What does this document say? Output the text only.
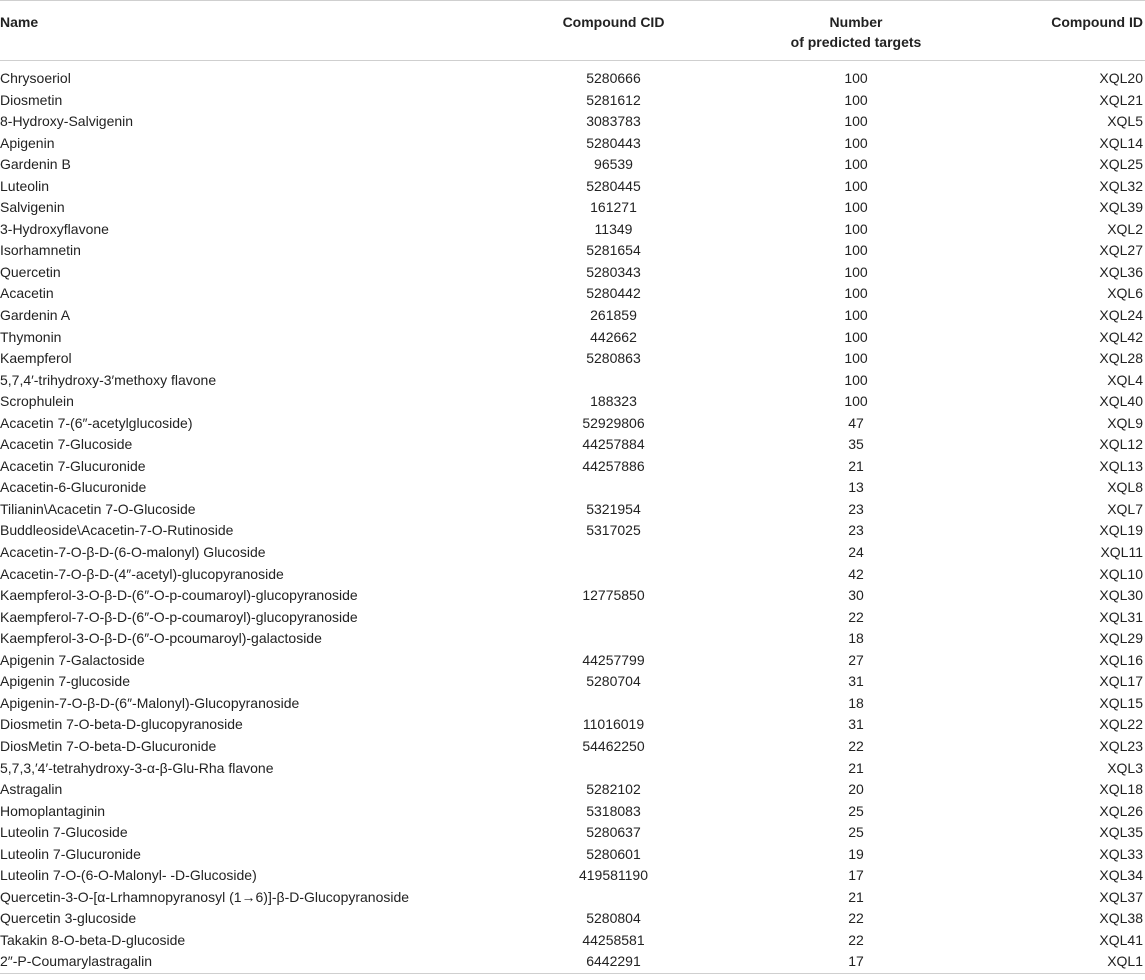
Name	Compound CID	Number
of predicted targets	Compound ID
Chrysoeriol	5280666	100	XQL20
Diosmetin	5281612	100	XQL21
8-Hydroxy-Salvigenin	3083783	100	XQL5
Apigenin	5280443	100	XQL14
Gardenin B	96539	100	XQL25
Luteolin	5280445	100	XQL32
Salvigenin	161271	100	XQL39
3-Hydroxyflavone	11349	100	XQL2
Isorhamnetin	5281654	100	XQL27
Quercetin	5280343	100	XQL36
Acacetin	5280442	100	XQL6
Gardenin A	261859	100	XQL24
Thymonin	442662	100	XQL42
Kaempferol	5280863	100	XQL28
5,7,4′-trihydroxy-3′methoxy flavone		100	XQL4
Scrophulein	188323	100	XQL40
Acacetin 7-(6″-acetylglucoside)	52929806	47	XQL9
Acacetin 7-Glucoside	44257884	35	XQL12
Acacetin 7-Glucuronide	44257886	21	XQL13
Acacetin-6-Glucuronide		13	XQL8
Tilianin\Acacetin 7-O-Glucoside	5321954	23	XQL7
Buddleoside\Acacetin-7-O-Rutinoside	5317025	23	XQL19
Acacetin-7-O-β-D-(6-O-malonyl) Glucoside		24	XQL11
Acacetin-7-O-β-D-(4″-acetyl)-glucopyranoside		42	XQL10
Kaempferol-3-O-β-D-(6″-O-p-coumaroyl)-glucopyranoside	12775850	30	XQL30
Kaempferol-7-O-β-D-(6″-O-p-coumaroyl)-glucopyranoside		22	XQL31
Kaempferol-3-O-β-D-(6″-O-pcoumaroyl)-galactoside		18	XQL29
Apigenin 7-Galactoside	44257799	27	XQL16
Apigenin 7-glucoside	5280704	31	XQL17
Apigenin-7-O-β-D-(6″-Malonyl)-Glucopyranoside		18	XQL15
Diosmetin 7-O-beta-D-glucopyranoside	11016019	31	XQL22
DiosMetin 7-O-beta-D-Glucuronide	54462250	22	XQL23
5,7,3,′4′-tetrahydroxy-3-α-β-Glu-Rha flavone		21	XQL3
Astragalin	5282102	20	XQL18
Homoplantaginin	5318083	25	XQL26
Luteolin 7-Glucoside	5280637	25	XQL35
Luteolin 7-Glucuronide	5280601	19	XQL33
Luteolin 7-O-(6-O-Malonyl- -D-Glucoside)	419581190	17	XQL34
Quercetin-3-O-[α-Lrhamnopyranosyl (1→6)]-β-D-Glucopyranoside		21	XQL37
Quercetin 3-glucoside	5280804	22	XQL38
Takakin 8-O-beta-D-glucoside	44258581	22	XQL41
2″-P-Coumarylastragalin	6442291	17	XQL1
